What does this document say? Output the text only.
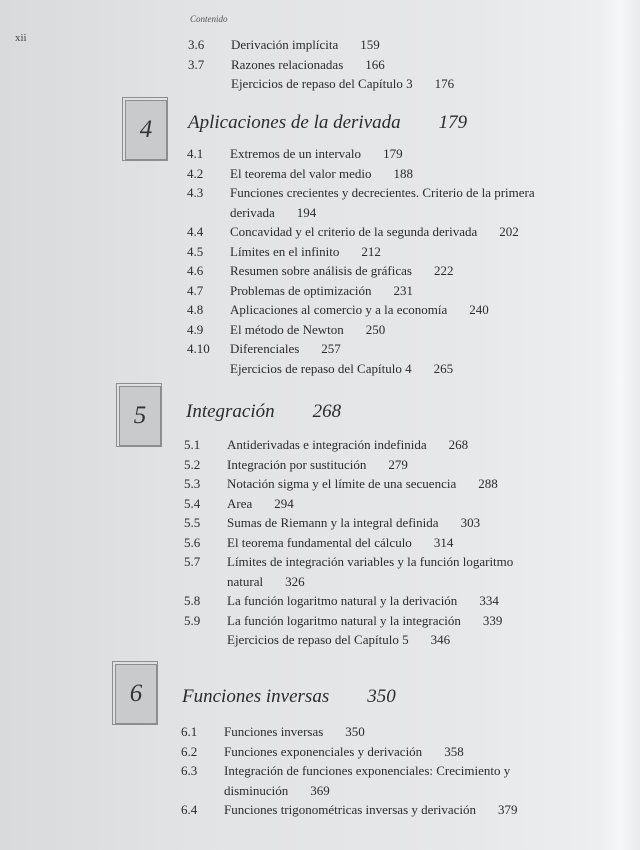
Contenido
xii	3.6 Derivación implícita 159
3.7 Razones relacionadas 166
Ejercicios de repaso del Capítulo 3 176
4	Aplicaciones de la derivada 179
4.1 Extremos de un intervalo 179
4.2 El teorema del valor medio 188
4.3 Funciones crecientes y decrecientes. Criterio de la primera derivada 194
4.4 Concavidad y el criterio de la segunda derivada 202
4.5 Límites en el infinito 212
4.6 Resumen sobre análisis de gráficas 222
4.7 Problemas de optimización 231
4.8 Aplicaciones al comercio y a la economía 240
4.9 El método de Newton 250
4.10 Diferenciales 257
Ejercicios de repaso del Capítulo 4 265
5	Integración 268
5.1 Antiderivadas e integración indefinida 268
5.2 Integración por sustitución 279
5.3 Notación sigma y el límite de una secuencia 288
5.4 Area 294
5.5 Sumas de Riemann y la integral definida 303
5.6 El teorema fundamental del cálculo 314
5.7 Límites de integración variables y la función logaritmo natural 326
5.8 La función logaritmo natural y la derivación 334
5.9 La función logaritmo natural y la integración 339
Ejercicios de repaso del Capítulo 5 346
6	Funciones inversas 350
6.1 Funciones inversas 350
6.2 Funciones exponenciales y derivación 358
6.3 Integración de funciones exponenciales: Crecimiento y disminución 369
6.4 Funciones trigonométricas inversas y derivación 379
